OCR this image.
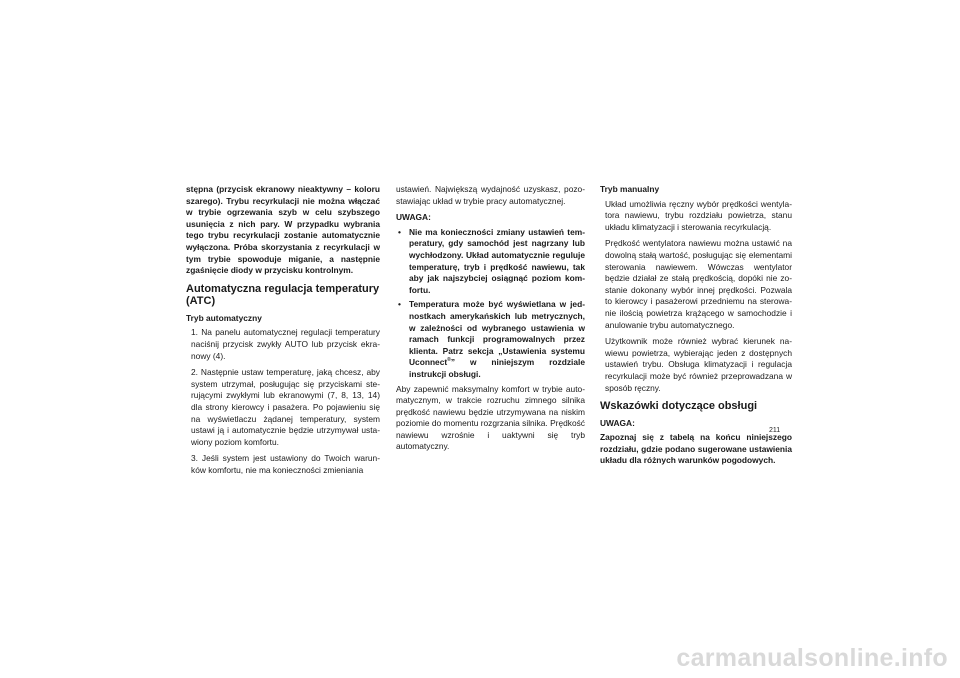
stępna (przycisk ekranowy nieaktywny – koloru szarego). Trybu recyrkulacji nie można włączać w trybie ogrzewania szyb w celu szybszego usunięcia z nich pary. W przypadku wybrania tego trybu recyrkulacji zostanie automatycznie wyłączona. Próba skorzystania z recyrkulacji w tym trybie spowoduje miganie, a następnie zgaśnięcie diody w przycisku kontrolnym.

Automatyczna regulacja temperatury (ATC)
Tryb automatyczny

1. Na panelu automatycznej regulacji temperatury naciśnij przycisk zwykły AUTO lub przycisk ekranowy (4).

2. Następnie ustaw temperaturę, jaką chcesz, aby system utrzymał, posługując się przyciskami sterującymi zwykłymi lub ekranowymi (7, 8, 13, 14) dla strony kierowcy i pasażera. Po pojawieniu się na wyświetlaczu żądanej temperatury, system ustawi ją i automatycznie będzie utrzymywał ustawiony poziom komfortu.

3. Jeśli system jest ustawiony do Twoich warunków komfortu, nie ma konieczności zmieniania

ustawień. Największą wydajność uzyskasz, pozostawiając układ w trybie pracy automatycznej.

UWAGA:
• Nie ma konieczności zmiany ustawień temperatury, gdy samochód jest nagrzany lub wychłodzony. Układ automatycznie reguluje temperaturę, tryb i prędkość nawiewu, tak aby jak najszybciej osiągnąć poziom komfortu.
• Temperatura może być wyświetlana w jednostkach amerykańskich lub metrycznych, w zależności od wybranego ustawienia w ramach funkcji programowalnych przez klienta. Patrz sekcja „Ustawienia systemu Uconnect®” w niniejszym rozdziale instrukcji obsługi.

Aby zapewnić maksymalny komfort w trybie automatycznym, w trakcie rozruchu zimnego silnika prędkość nawiewu będzie utrzymywana na niskim poziomie do momentu rozgrzania silnika. Prędkość nawiewu wzrośnie i uaktywni się tryb automatyczny.

Tryb manualny

Układ umożliwia ręczny wybór prędkości wentylatora nawiewu, trybu rozdziału powietrza, stanu układu klimatyzacji i sterowania recyrkulacją.

Prędkość wentylatora nawiewu można ustawić na dowolną stałą wartość, posługując się elementami sterowania nawiewem. Wówczas wentylator będzie działał ze stałą prędkością, dopóki nie zostanie dokonany wybór innej prędkości. Pozwala to kierowcy i pasażerowi przedniemu na sterowanie ilością powietrza krążącego w samochodzie i anulowanie trybu automatycznego.

Użytkownik może również wybrać kierunek nawiewu powietrza, wybierając jeden z dostępnych ustawień trybu. Obsługa klimatyzacji i regulacja recyrkulacji może być również przeprowadzana w sposób ręczny.

Wskazówki dotyczące obsługi
UWAGA:

Zapoznaj się z tabelą na końcu niniejszego rozdziału, gdzie podano sugerowane ustawienia układu dla różnych warunków pogodowych.

211
carmanualsonline.info
